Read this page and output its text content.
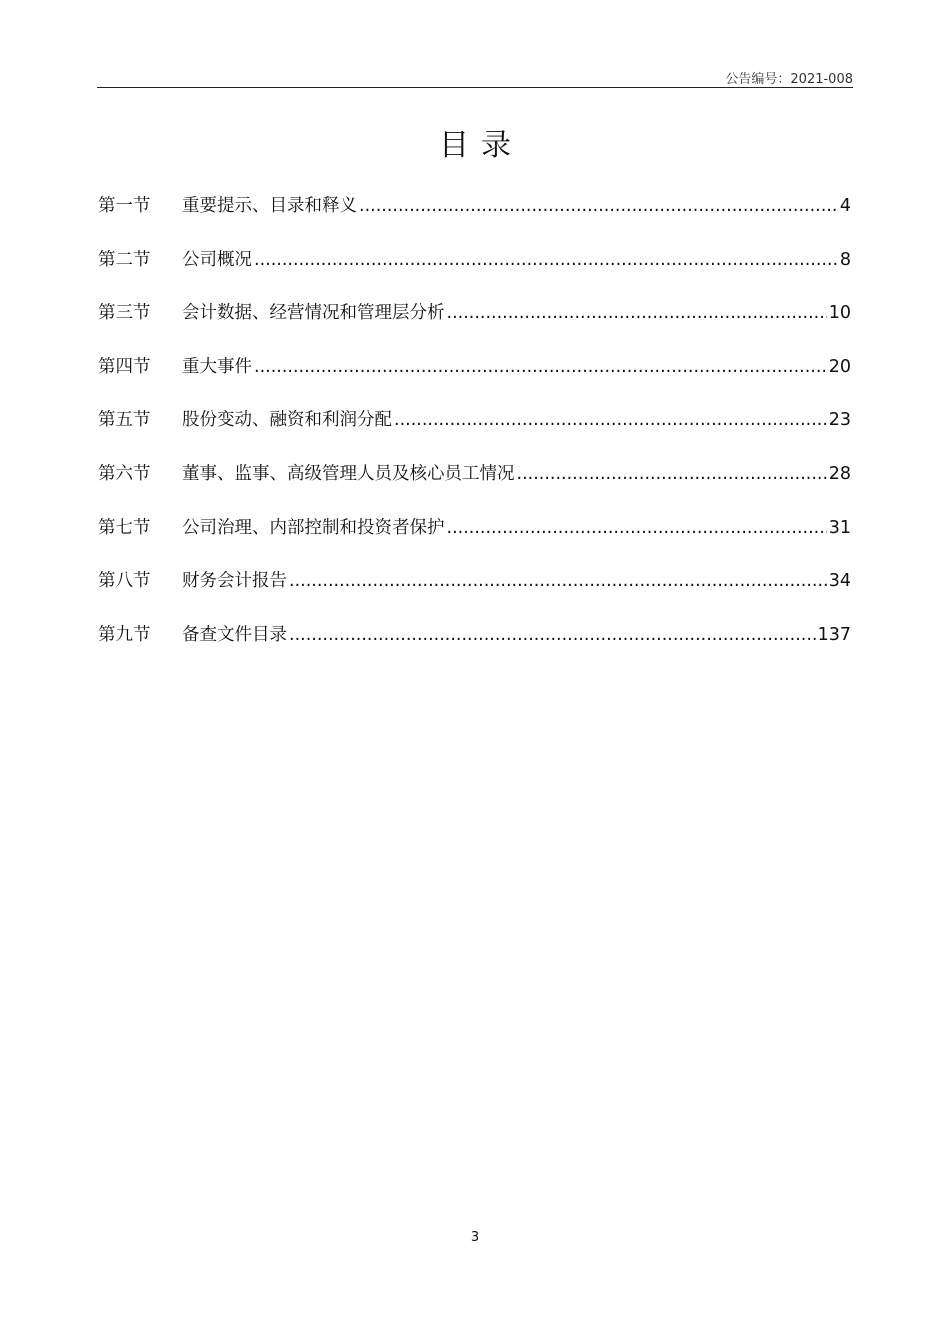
公告编号：2021-008
目录
第一节	重要提示、目录和释义 .....	4
第二节	公司概况 .....	8
第三节	会计数据、经营情况和管理层分析 .....	10
第四节	重大事件 .....	20
第五节	股份变动、融资和利润分配 .....	23
第六节	董事、监事、高级管理人员及核心员工情况 .....	28
第七节	公司治理、内部控制和投资者保护 .....	31
第八节	财务会计报告 .....	34
第九节	备查文件目录 .....	137
3
